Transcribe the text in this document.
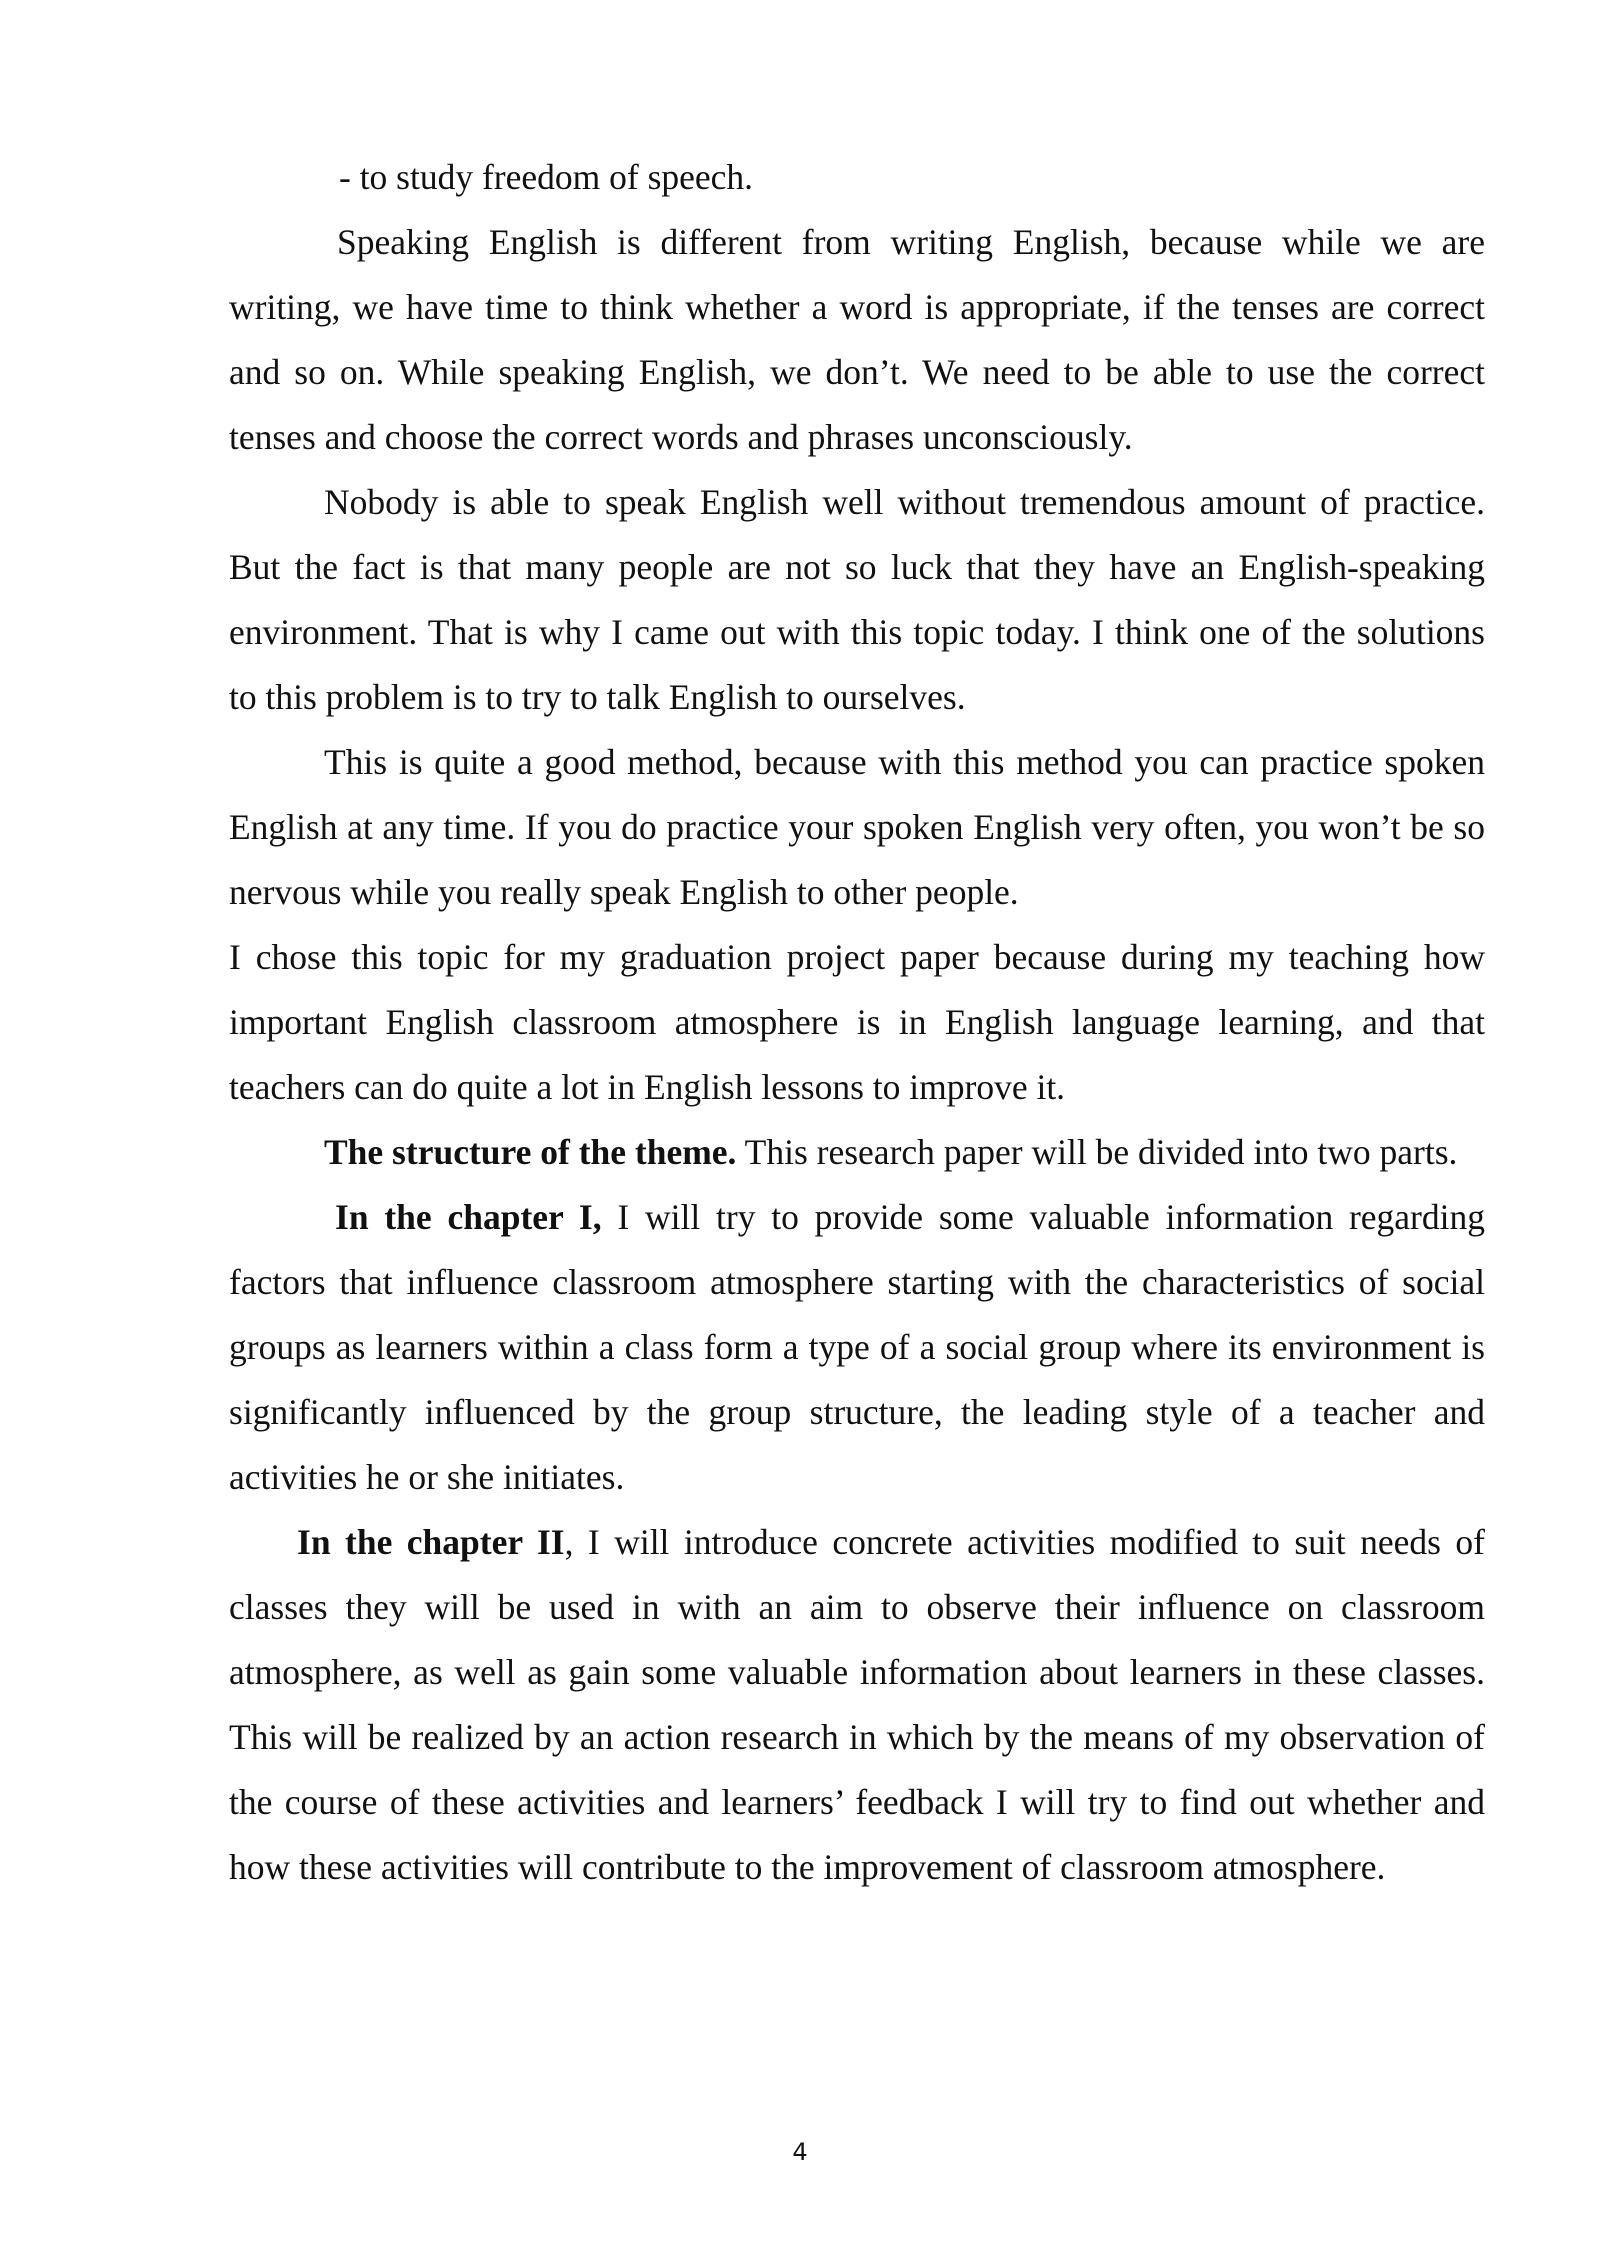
- to study freedom of speech.

Speaking English is different from writing English, because while we are writing, we have time to think whether a word is appropriate, if the tenses are correct and so on. While speaking English, we don’t. We need to be able to use the correct tenses and choose the correct words and phrases unconsciously.

Nobody is able to speak English well without tremendous amount of practice. But the fact is that many people are not so luck that they have an English-speaking environment. That is why I came out with this topic today. I think one of the solutions to this problem is to try to talk English to ourselves.

This is quite a good method, because with this method you can practice spoken English at any time. If you do practice your spoken English very often, you won’t be so nervous while you really speak English to other people.

I chose this topic for my graduation project paper because during my teaching how important English classroom atmosphere is in English language learning, and that teachers can do quite a lot in English lessons to improve it.

The structure of the theme. This research paper will be divided into two parts.

In the chapter I, I will try to provide some valuable information regarding factors that influence classroom atmosphere starting with the characteristics of social groups as learners within a class form a type of a social group where its environment is significantly influenced by the group structure, the leading style of a teacher and activities he or she initiates.

In the chapter II, I will introduce concrete activities modified to suit needs of classes they will be used in with an aim to observe their influence on classroom atmosphere, as well as gain some valuable information about learners in these classes. This will be realized by an action research in which by the means of my observation of the course of these activities and learners’ feedback I will try to find out whether and how these activities will contribute to the improvement of classroom atmosphere.

4
